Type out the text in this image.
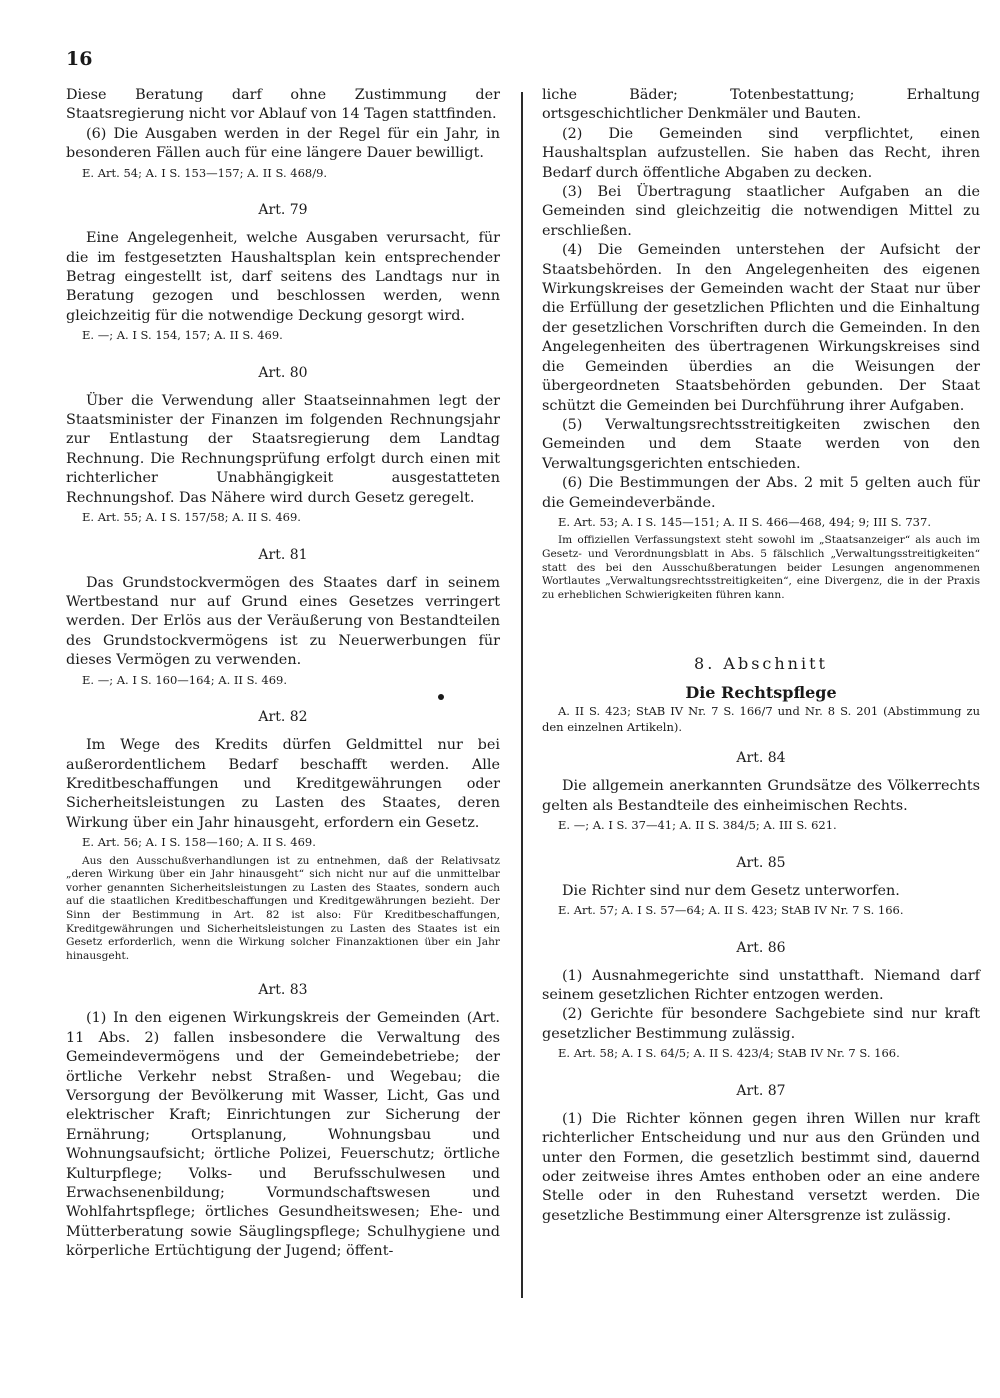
16

Diese Beratung darf ohne Zustimmung der Staatsregierung nicht vor Ablauf von 14 Tagen stattfinden.

(6) Die Ausgaben werden in der Regel für ein Jahr, in besonderen Fällen auch für eine längere Dauer bewilligt.

E. Art. 54; A. I S. 153—157; A. II S. 468/9.

Art. 79

Eine Angelegenheit, welche Ausgaben verursacht, für die im festgesetzten Haushaltsplan kein entsprechender Betrag eingestellt ist, darf seitens des Landtags nur in Beratung gezogen und beschlossen werden, wenn gleichzeitig für die notwendige Deckung gesorgt wird.

E. —; A. I S. 154, 157; A. II S. 469.

Art. 80

Über die Verwendung aller Staatseinnahmen legt der Staatsminister der Finanzen im folgenden Rechnungsjahr zur Entlastung der Staatsregierung dem Landtag Rechnung. Die Rechnungsprüfung erfolgt durch einen mit richterlicher Unabhängigkeit ausgestatteten Rechnungshof. Das Nähere wird durch Gesetz geregelt.

E. Art. 55; A. I S. 157/58; A. II S. 469.

Art. 81

Das Grundstockvermögen des Staates darf in seinem Wertbestand nur auf Grund eines Gesetzes verringert werden. Der Erlös aus der Veräußerung von Bestandteilen des Grundstockvermögens ist zu Neuerwerbungen für dieses Vermögen zu verwenden.

E. —; A. I S. 160—164; A. II S. 469.

Art. 82

Im Wege des Kredits dürfen Geldmittel nur bei außerordentlichem Bedarf beschafft werden. Alle Kreditbeschaffungen und Kreditgewährungen oder Sicherheitsleistungen zu Lasten des Staates, deren Wirkung über ein Jahr hinausgeht, erfordern ein Gesetz.

E. Art. 56; A. I S. 158—160; A. II S. 469.

Aus den Ausschußverhandlungen ist zu entnehmen, daß der Relativsatz „deren Wirkung über ein Jahr hinausgeht“ sich nicht nur auf die unmittelbar vorher genannten Sicherheitsleistungen zu Lasten des Staates, sondern auch auf die staatlichen Kreditbeschaffungen und Kreditgewährungen bezieht. Der Sinn der Bestimmung in Art. 82 ist also: Für Kreditbeschaffungen, Kreditgewährungen und Sicherheitsleistungen zu Lasten des Staates ist ein Gesetz erforderlich, wenn die Wirkung solcher Finanzaktionen über ein Jahr hinausgeht.

Art. 83

(1) In den eigenen Wirkungskreis der Gemeinden (Art. 11 Abs. 2) fallen insbesondere die Verwaltung des Gemeindevermögens und der Gemeindebetriebe; der örtliche Verkehr nebst Straßen- und Wegebau; die Versorgung der Bevölkerung mit Wasser, Licht, Gas und elektrischer Kraft; Einrichtungen zur Sicherung der Ernährung; Ortsplanung, Wohnungsbau und Wohnungsaufsicht; örtliche Polizei, Feuerschutz; örtliche Kulturpflege; Volks- und Berufsschulwesen und Erwachsenenbildung; Vormundschaftswesen und Wohlfahrtspflege; örtliches Gesundheitswesen; Ehe- und Mütterberatung sowie Säuglingspflege; Schulhygiene und körperliche Ertüchtigung der Jugend; öffent-

liche Bäder; Totenbestattung; Erhaltung ortsgeschichtlicher Denkmäler und Bauten.

(2) Die Gemeinden sind verpflichtet, einen Haushaltsplan aufzustellen. Sie haben das Recht, ihren Bedarf durch öffentliche Abgaben zu decken.

(3) Bei Übertragung staatlicher Aufgaben an die Gemeinden sind gleichzeitig die notwendigen Mittel zu erschließen.

(4) Die Gemeinden unterstehen der Aufsicht der Staatsbehörden. In den Angelegenheiten des eigenen Wirkungskreises der Gemeinden wacht der Staat nur über die Erfüllung der gesetzlichen Pflichten und die Einhaltung der gesetzlichen Vorschriften durch die Gemeinden. In den Angelegenheiten des übertragenen Wirkungskreises sind die Gemeinden überdies an die Weisungen der übergeordneten Staatsbehörden gebunden. Der Staat schützt die Gemeinden bei Durchführung ihrer Aufgaben.

(5) Verwaltungsrechtsstreitigkeiten zwischen den Gemeinden und dem Staate werden von den Verwaltungsgerichten entschieden.

(6) Die Bestimmungen der Abs. 2 mit 5 gelten auch für die Gemeindeverbände.

E. Art. 53; A. I S. 145—151; A. II S. 466—468, 494; 9; III S. 737.

Im offiziellen Verfassungstext steht sowohl im „Staatsanzeiger“ als auch im Gesetz- und Verordnungsblatt in Abs. 5 fälschlich „Verwaltungsstreitigkeiten“ statt des bei den Ausschußberatungen beider Lesungen angenommenen Wortlautes „Verwaltungsrechtsstreitigkeiten“, eine Divergenz, die in der Praxis zu erheblichen Schwierigkeiten führen kann.

8. Abschnitt
Die Rechtspflege

A. II S. 423; StAB IV Nr. 7 S. 166/7 und Nr. 8 S. 201 (Abstimmung zu den einzelnen Artikeln).

Art. 84

Die allgemein anerkannten Grundsätze des Völkerrechts gelten als Bestandteile des einheimischen Rechts.

E. —; A. I S. 37—41; A. II S. 384/5; A. III S. 621.

Art. 85

Die Richter sind nur dem Gesetz unterworfen.

E. Art. 57; A. I S. 57—64; A. II S. 423; StAB IV Nr. 7 S. 166.

Art. 86

(1) Ausnahmegerichte sind unstatthaft. Niemand darf seinem gesetzlichen Richter entzogen werden.

(2) Gerichte für besondere Sachgebiete sind nur kraft gesetzlicher Bestimmung zulässig.

E. Art. 58; A. I S. 64/5; A. II S. 423/4; StAB IV Nr. 7 S. 166.

Art. 87

(1) Die Richter können gegen ihren Willen nur kraft richterlicher Entscheidung und nur aus den Gründen und unter den Formen, die gesetzlich bestimmt sind, dauernd oder zeitweise ihres Amtes enthoben oder an eine andere Stelle oder in den Ruhestand versetzt werden. Die gesetzliche Bestimmung einer Altersgrenze ist zulässig.
